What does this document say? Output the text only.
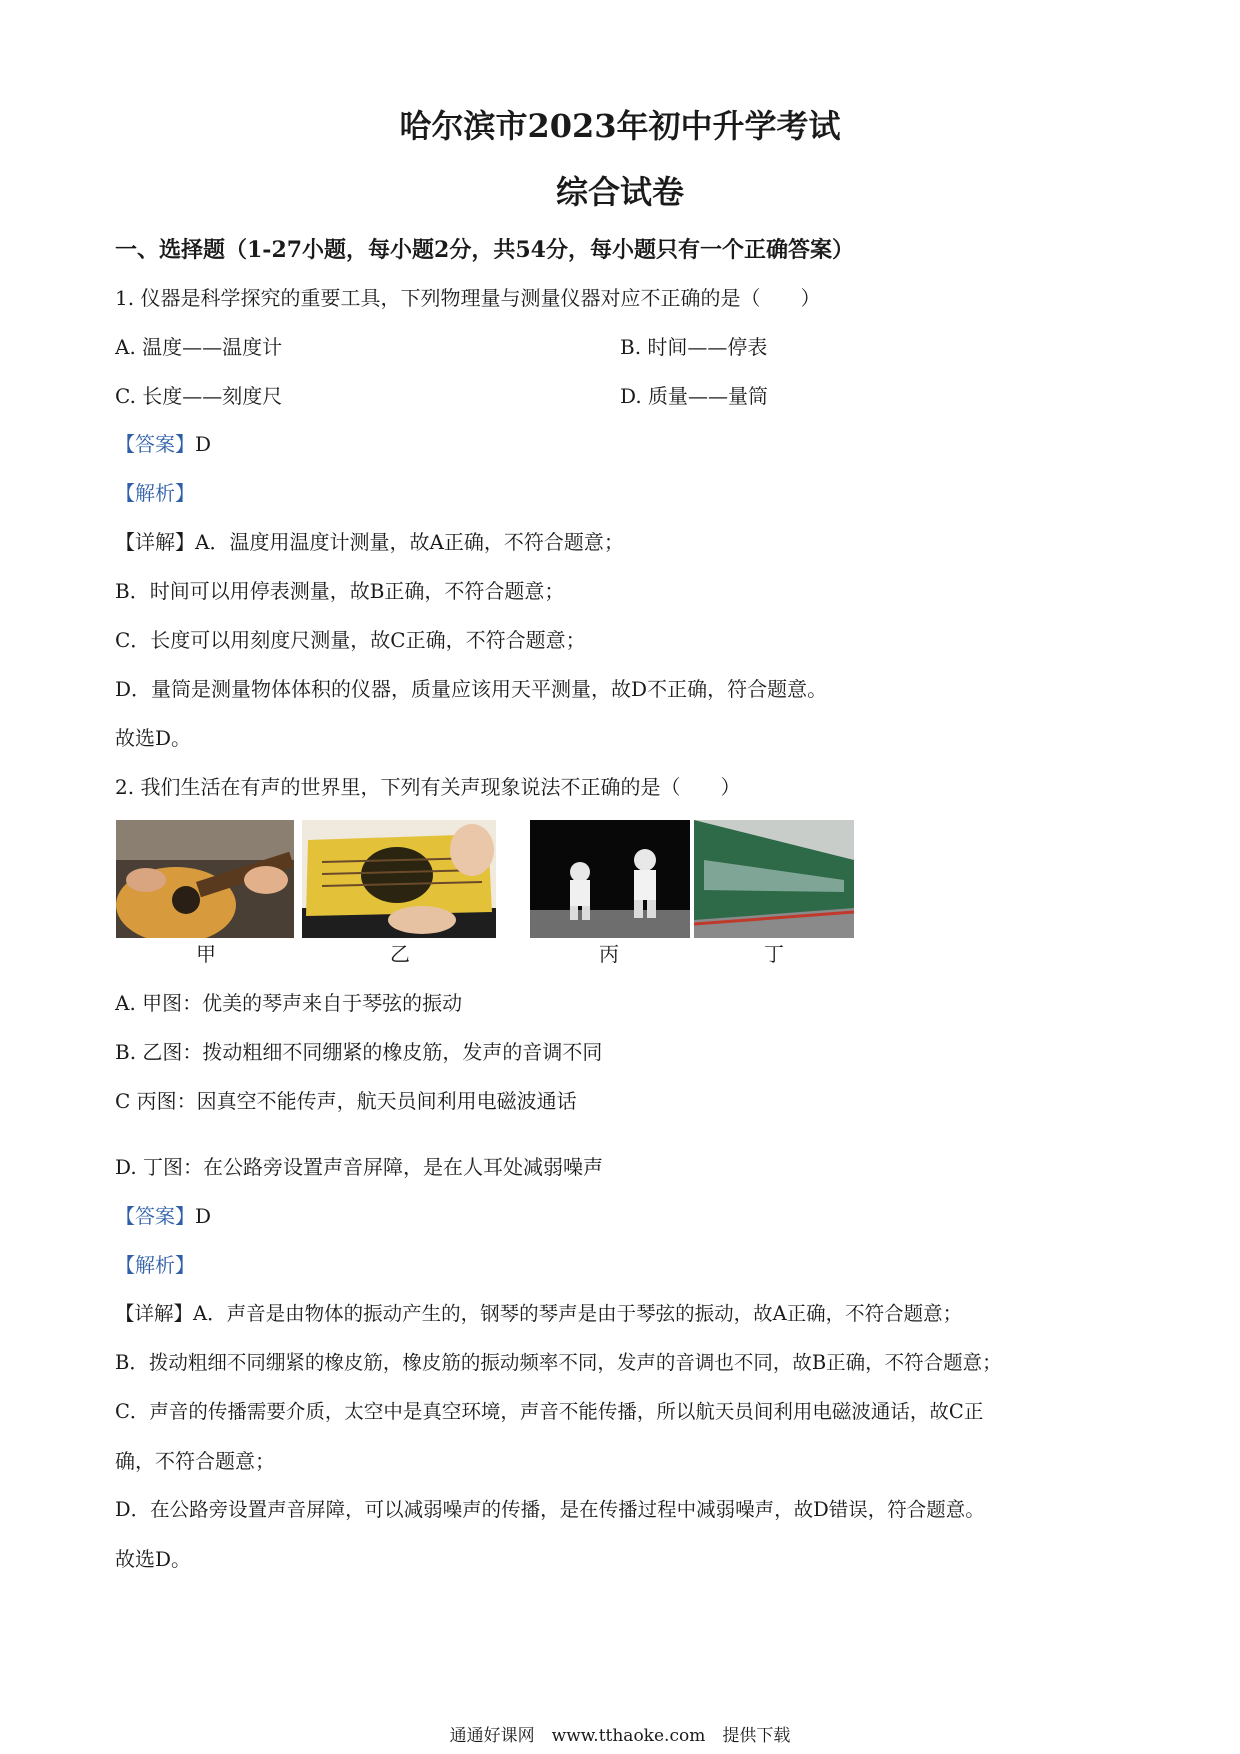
哈尔滨市2023年初中升学考试
综合试卷
一、选择题（1-27小题，每小题2分，共54分，每小题只有一个正确答案）
1. 仪器是科学探究的重要工具，下列物理量与测量仪器对应不正确的是（　　）
A. 温度——温度计	B. 时间——停表
C. 长度——刻度尺	D. 质量——量筒
【答案】D
【解析】
【详解】A．温度用温度计测量，故A正确，不符合题意；
B．时间可以用停表测量，故B正确，不符合题意；
C．长度可以用刻度尺测量，故C正确，不符合题意；
D．量筒是测量物体体积的仪器，质量应该用天平测量，故D不正确，符合题意。
故选D。
2. 我们生活在有声的世界里，下列有关声现象说法不正确的是（　　）
甲	乙	丙	丁
A. 甲图：优美的琴声来自于琴弦的振动
B. 乙图：拨动粗细不同绷紧的橡皮筋，发声的音调不同
C 丙图：因真空不能传声，航天员间利用电磁波通话
D. 丁图：在公路旁设置声音屏障，是在人耳处减弱噪声
【答案】D
【解析】
【详解】A．声音是由物体的振动产生的，钢琴的琴声是由于琴弦的振动，故A正确，不符合题意；
B．拨动粗细不同绷紧的橡皮筋，橡皮筋的振动频率不同，发声的音调也不同，故B正确，不符合题意；
C．声音的传播需要介质，太空中是真空环境，声音不能传播，所以航天员间利用电磁波通话，故C正
确，不符合题意；
D．在公路旁设置声音屏障，可以减弱噪声的传播，是在传播过程中减弱噪声，故D错误，符合题意。
故选D。
通通好课网　www.tthaoke.com　提供下载
